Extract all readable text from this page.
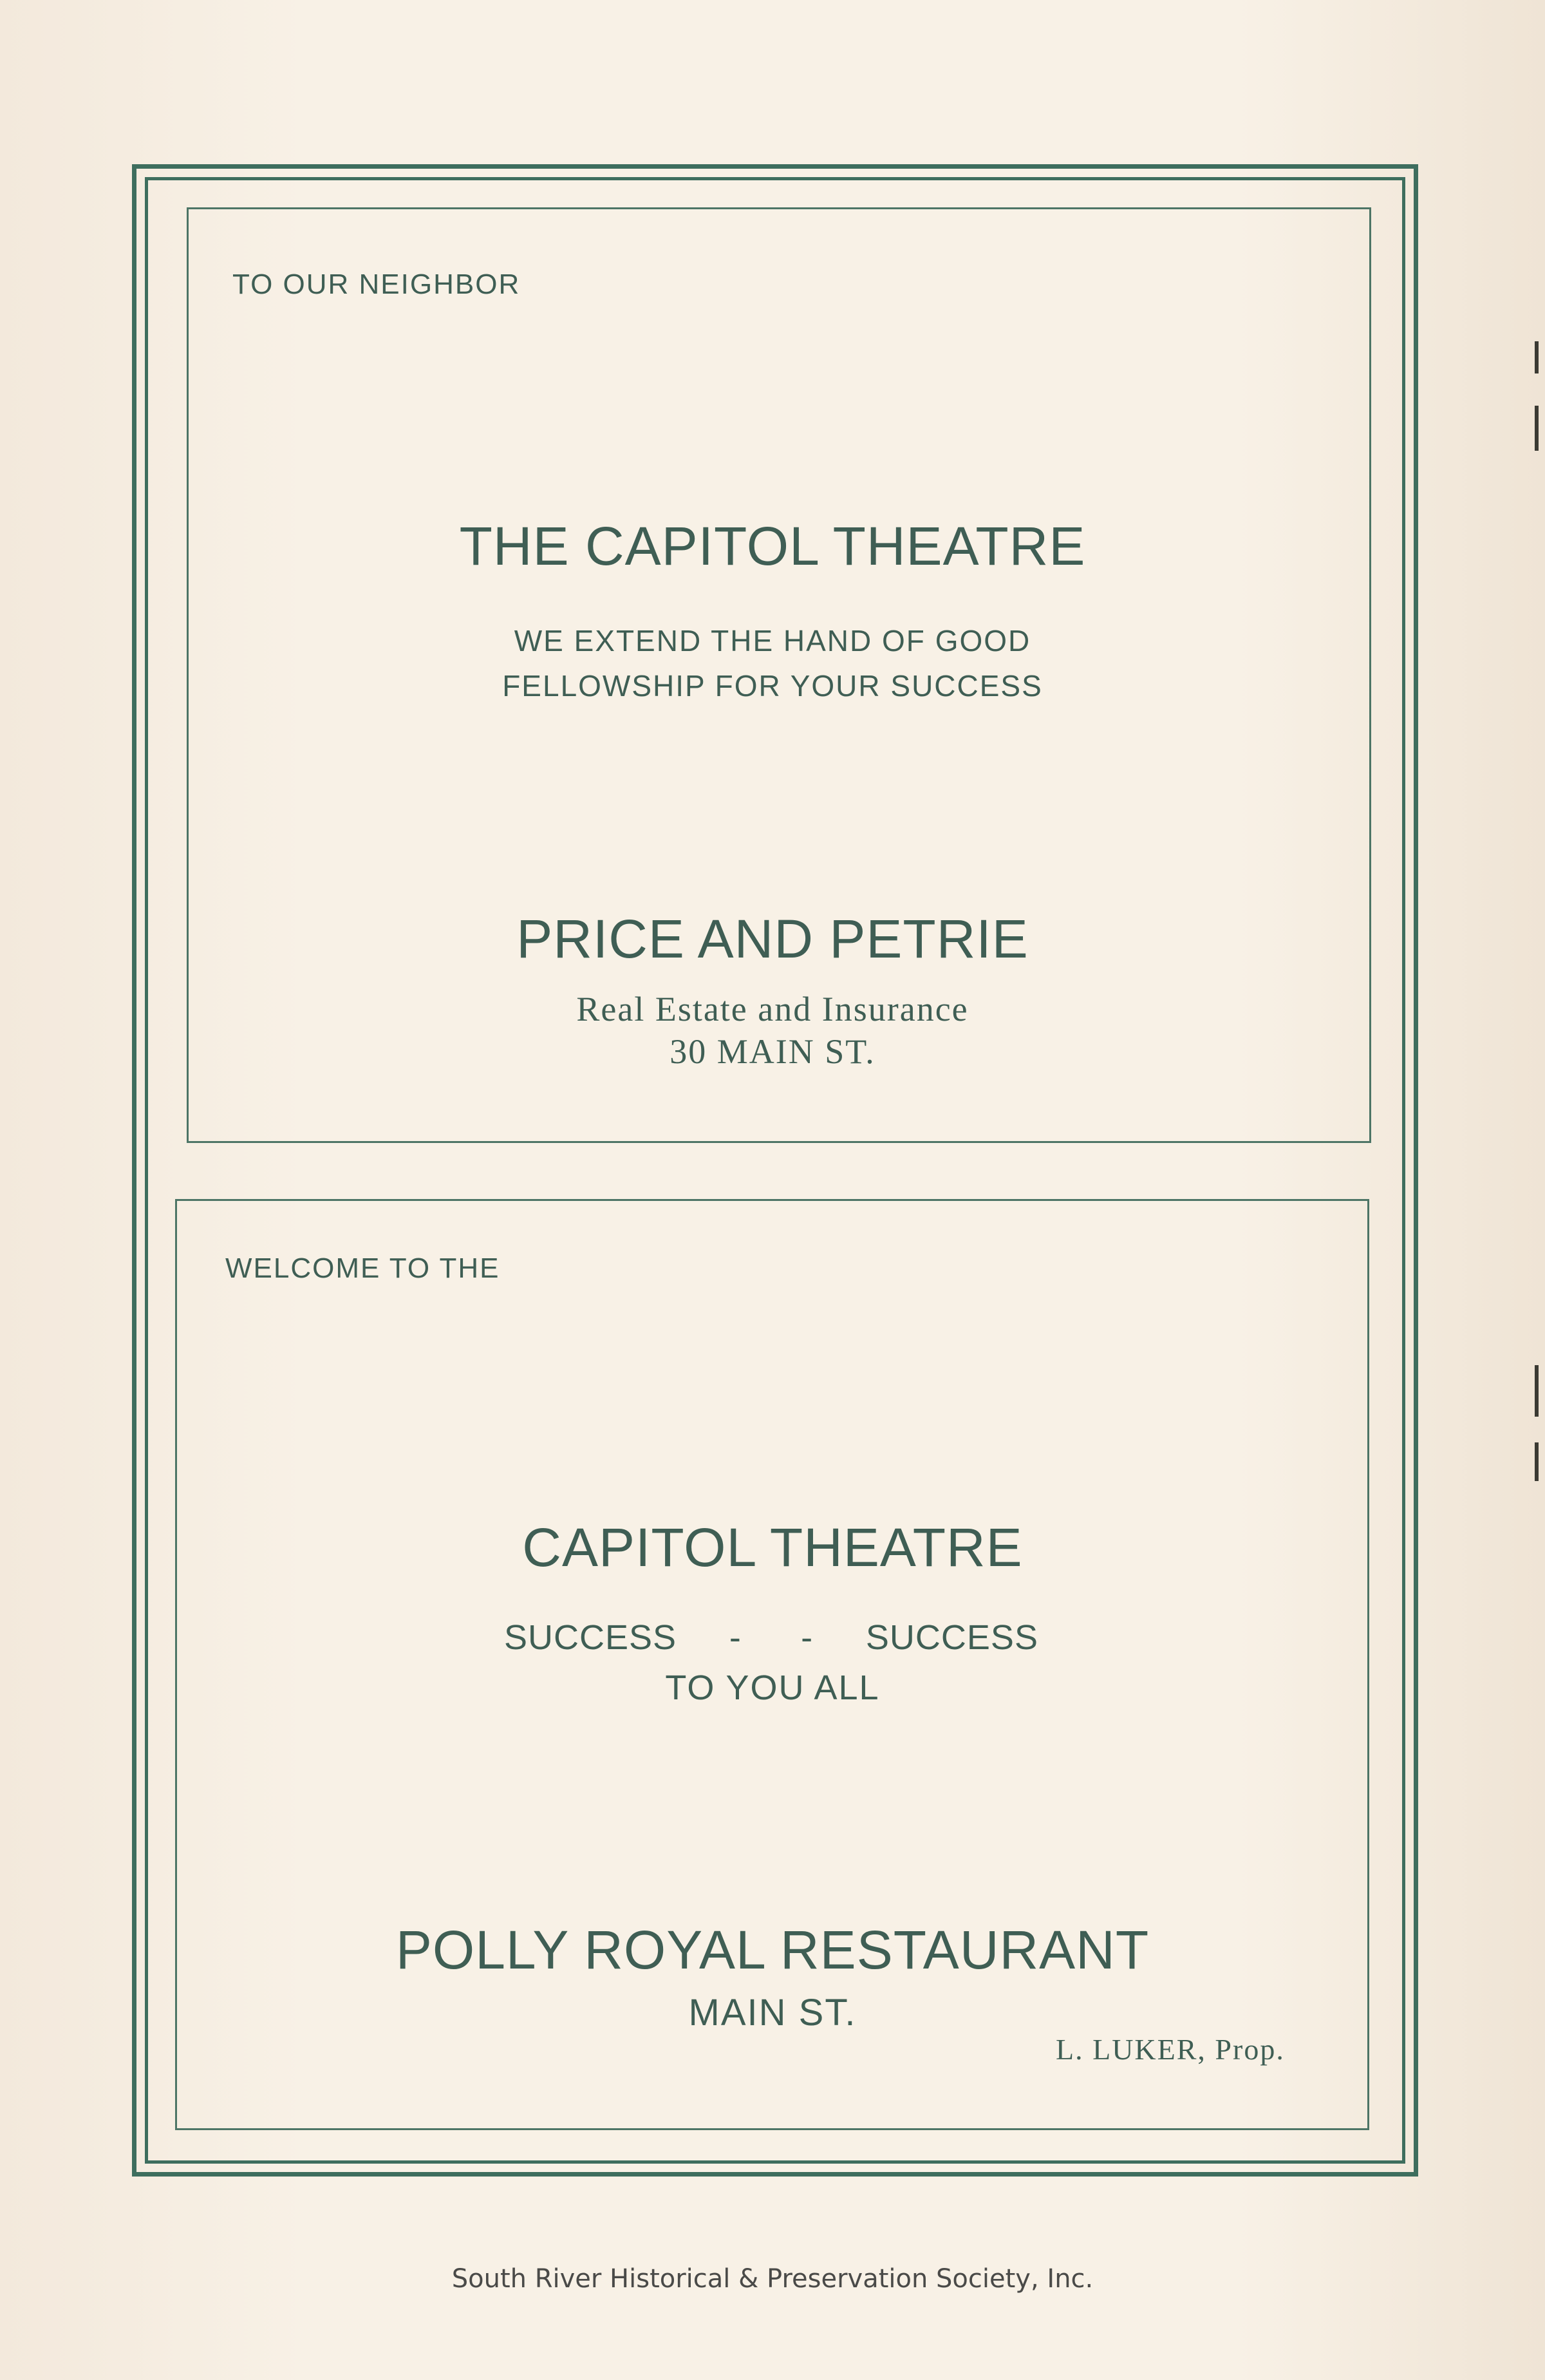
TO OUR NEIGHBOR
THE CAPITOL THEATRE
WE EXTEND THE HAND OF GOOD
FELLOWSHIP FOR YOUR SUCCESS
PRICE AND PETRIE
Real Estate and Insurance
30 MAIN ST.
WELCOME TO THE
CAPITOL THEATRE
SUCCESS - - SUCCESS
TO YOU ALL
POLLY ROYAL RESTAURANT
MAIN ST.
L. LUKER, Prop.
South River Historical & Preservation Society, Inc.
